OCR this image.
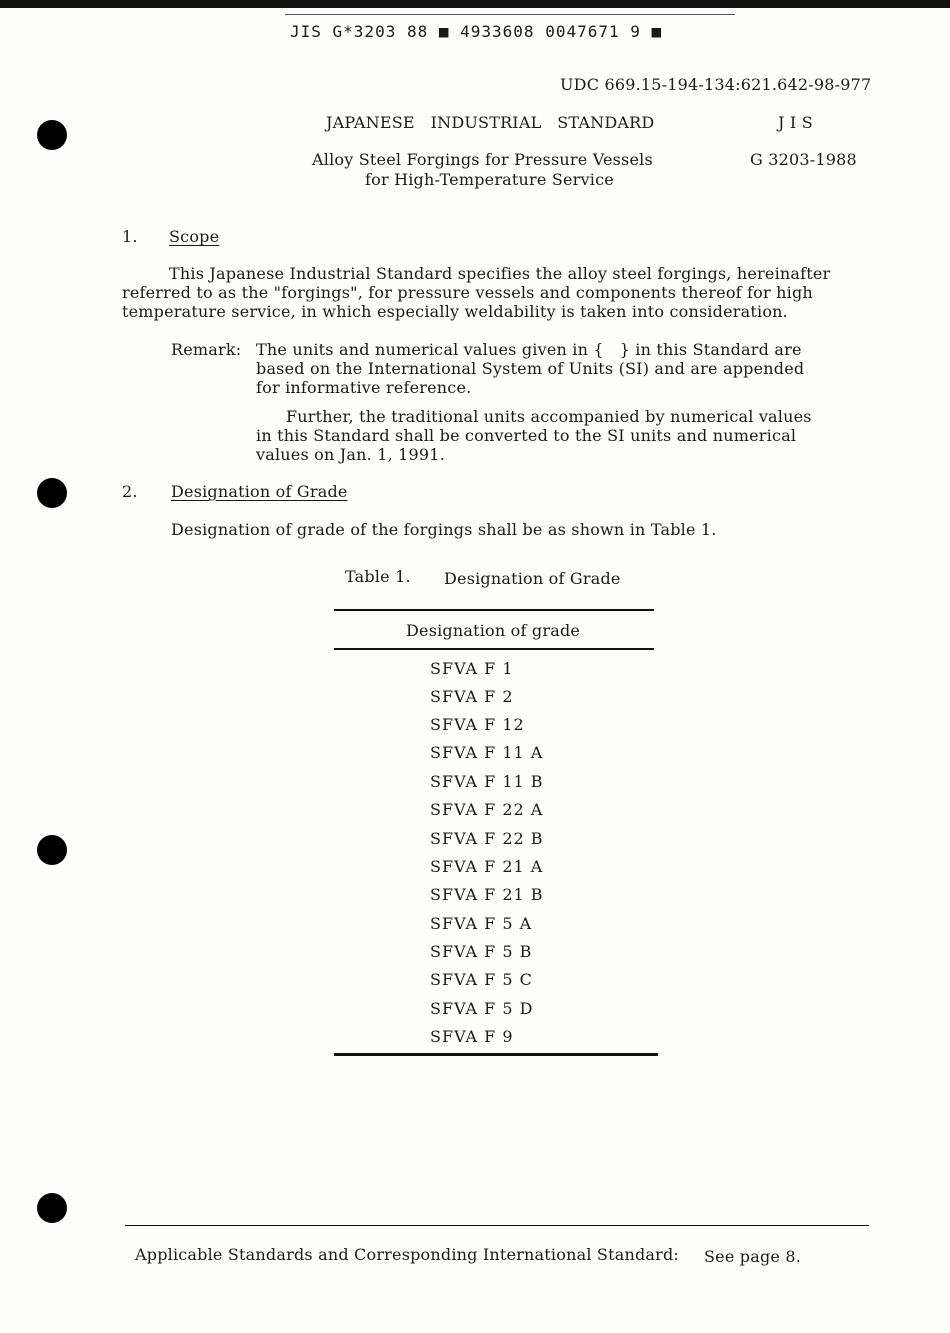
JIS G*3203 88 ■ 4933608 0047671 9 ■
UDC 669.15-194-134:621.642-98-977
JAPANESE   INDUSTRIAL   STANDARD	J I S
Alloy Steel Forgings for Pressure Vessels
for High-Temperature Service
G 3203-1988
1. Scope
This Japanese Industrial Standard specifies the alloy steel forgings, hereinafter
referred to as the "forgings", for pressure vessels and components thereof for high
temperature service, in which especially weldability is taken into consideration.
Remark: The units and numerical values given in {   } in this Standard are
based on the International System of Units (SI) and are appended
for informative reference.
Further, the traditional units accompanied by numerical values
in this Standard shall be converted to the SI units and numerical
values on Jan. 1, 1991.
2. Designation of Grade
Designation of grade of the forgings shall be as shown in Table 1.
Table 1. Designation of Grade
Designation of grade
SFVA F 1
SFVA F 2
SFVA F 12
SFVA F 11 A
SFVA F 11 B
SFVA F 22 A
SFVA F 22 B
SFVA F 21 A
SFVA F 21 B
SFVA F 5 A
SFVA F 5 B
SFVA F 5 C
SFVA F 5 D
SFVA F 9
Applicable Standards and Corresponding International Standard: See page 8.
